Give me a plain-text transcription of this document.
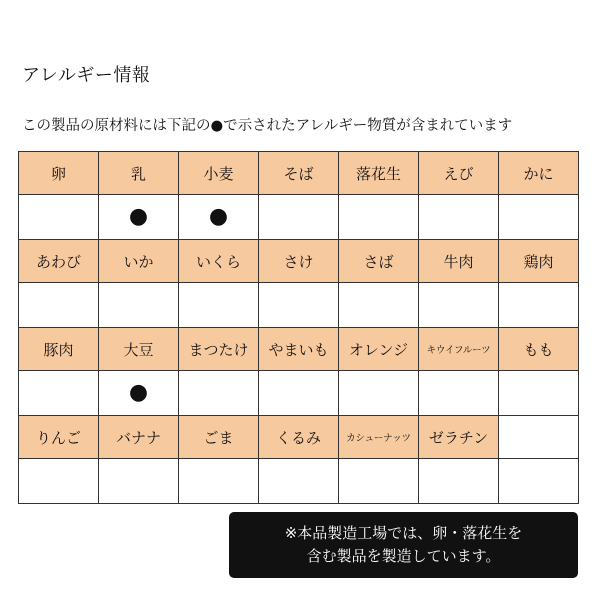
アレルギー情報
この製品の原材料には下記の●で示されたアレルギー物質が含まれています
卵	乳	小麦	そば	落花生	えび	かに
	●	●				
あわび	いか	いくら	さけ	さば	牛肉	鶏肉

豚肉	大豆	まつたけ	やまいも	オレンジ	キウイフルーツ	もも
	●					
りんご	バナナ	ごま	くるみ	カシューナッツ	ゼラチン	

※本品製造工場では、卵・落花生を
含む製品を製造しています。
